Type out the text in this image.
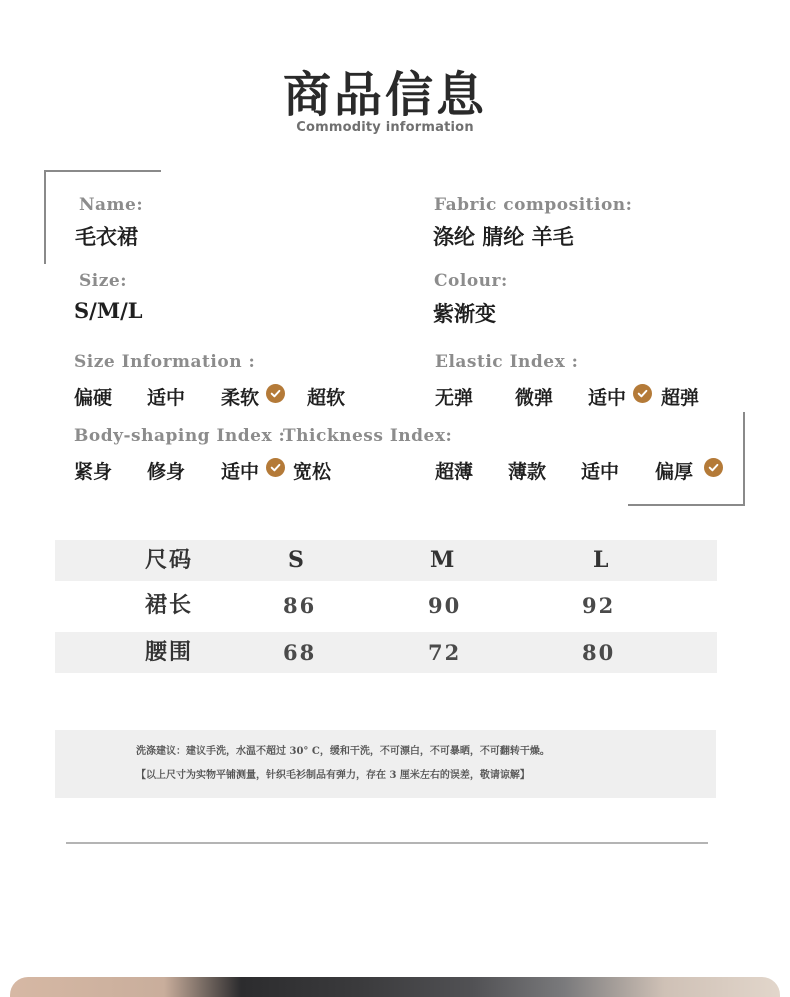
商品信息
Commodity information
Name:
毛衣裙
Fabric composition:
涤纶 腈纶 羊毛
Size:
S/M/L
Colour:
紫渐变
Size Information :
偏硬 适中 柔软	超软
Elastic Index :
无弹 微弹 适中 超弹
Body-shaping Index :
紧身 修身 适中 宽松
Thickness Index:
超薄 薄款 适中 偏厚
尺码	S	M	L
裙长	86	90	92
腰围	68	72	80
洗涤建议：建议手洗，水温不超过 30° C，缓和干洗，不可漂白，不可暴晒，不可翻转干燥。
【以上尺寸为实物平铺测量，针织毛衫制品有弹力，存在 3 厘米左右的误差，敬请谅解】
